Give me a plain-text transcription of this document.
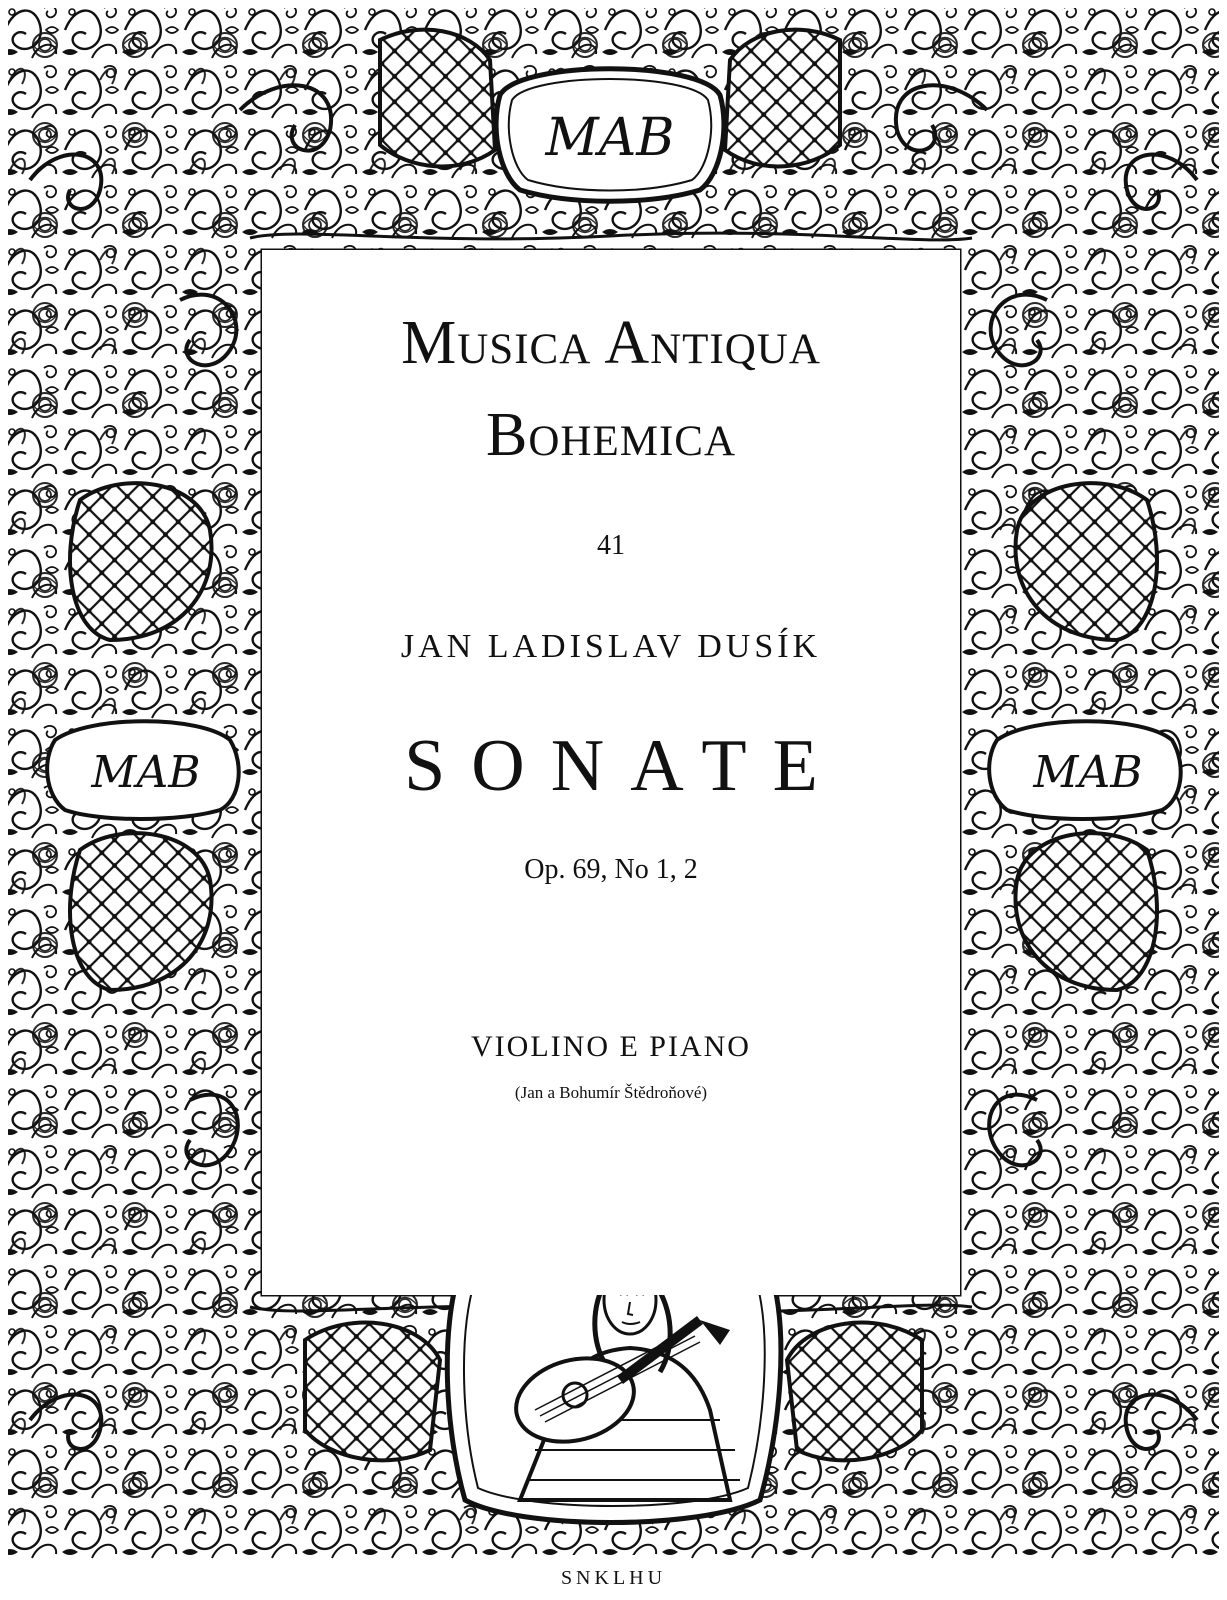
MAB
MAB	MAB
Musica Antiqua
Bohemica
41
JAN LADISLAV DUSÍK
SONATE
Op. 69, No 1, 2
VIOLINO E PIANO
(Jan a Bohumír Štědroňové)
SNKLHU
